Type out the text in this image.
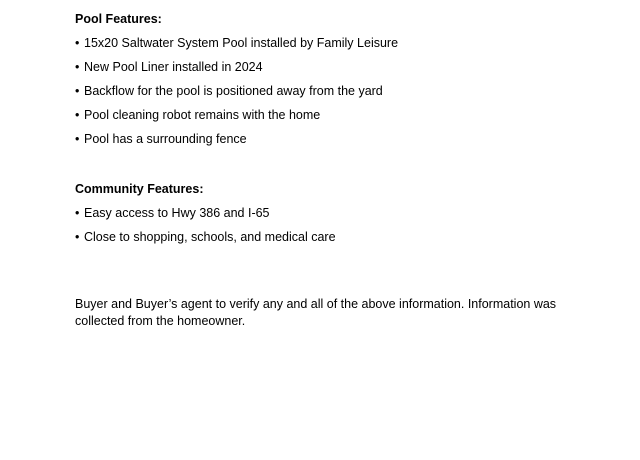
Pool Features:

• 15x20 Saltwater System Pool installed by Family Leisure
• New Pool Liner installed in 2024
• Backflow for the pool is positioned away from the yard
• Pool cleaning robot remains with the home
• Pool has a surrounding fence

Community Features:

• Easy access to Hwy 386 and I-65
• Close to shopping, schools, and medical care

Buyer and Buyer’s agent to verify any and all of the above information. Information was collected from the homeowner.
